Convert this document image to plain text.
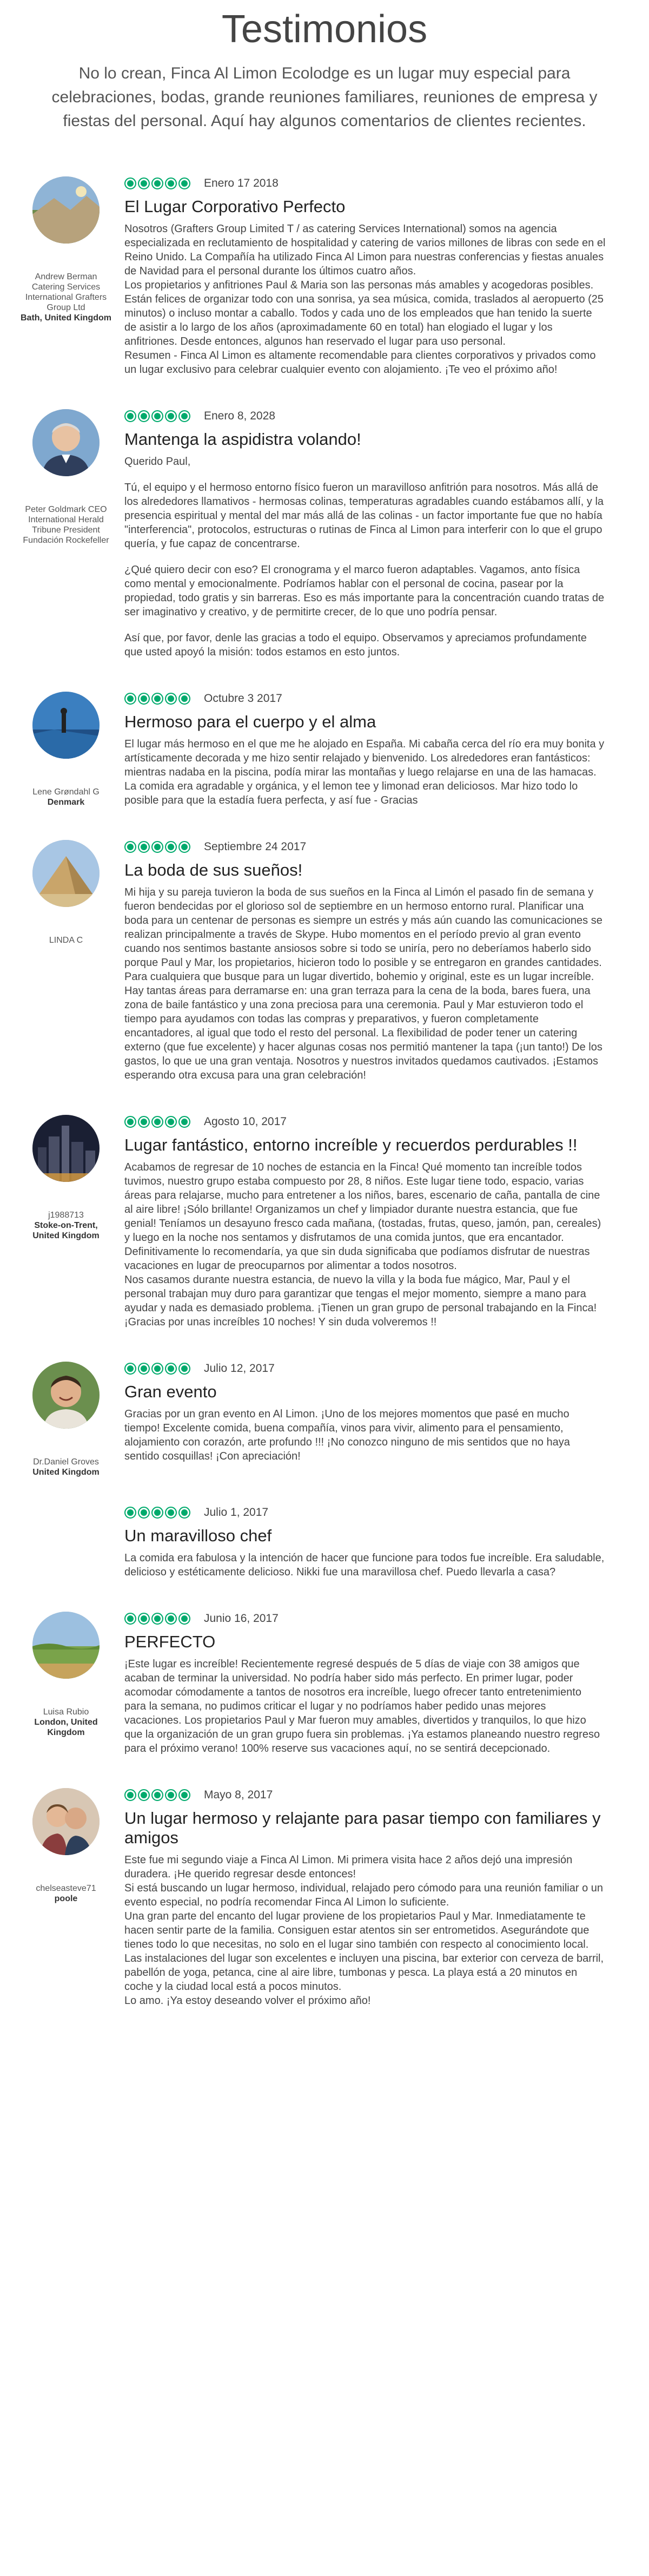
Testimonios

No lo crean, Finca Al Limon Ecolodge es un lugar muy especial para celebraciones, bodas, grande reuniones familiares, reuniones de empresa y fiestas del personal. Aquí hay algunos comentarios de clientes recientes.

Andrew Berman Catering Services International Grafters Group Ltd
Bath, United Kingdom
Enero 17 2018
El Lugar Corporativo Perfecto

Nosotros (Grafters Group Limited T / as catering Services International) somos na agencia especializada en reclutamiento de hospitalidad y catering de varios millones de libras con sede en el Reino Unido. La Compañía ha utilizado Finca Al Limon para nuestras conferencias y fiestas anuales de Navidad para el personal durante los últimos cuatro años.

Los propietarios y anfitriones Paul & Maria son las personas más amables y acogedoras posibles. Están felices de organizar todo con una sonrisa, ya sea música, comida, traslados al aeropuerto (25 minutos) o incluso montar a caballo. Todos y cada uno de los empleados que han tenido la suerte de asistir a lo largo de los años (aproximadamente 60 en total) han elogiado el lugar y los anfitriones. Desde entonces, algunos han reservado el lugar para uso personal.

Resumen - Finca Al Limon es altamente recomendable para clientes corporativos y privados como un lugar exclusivo para celebrar cualquier evento con alojamiento. ¡Te veo el próximo año!

Peter Goldmark CEO International Herald Tribune President Fundación Rockefeller
Enero 8, 2028
Mantenga la aspidistra volando!

Querido Paul,

Tú, el equipo y el hermoso entorno físico fueron un maravilloso anfitrión para nosotros. Más allá de los alrededores llamativos - hermosas colinas, temperaturas agradables cuando estábamos allí, y la presencia espiritual y mental del mar más allá de las colinas - un factor importante fue que no había "interferencia", protocolos, estructuras o rutinas de Finca al Limon para interferir con lo que el grupo quería, y fue capaz de concentrarse.

¿Qué quiero decir con eso? El cronograma y el marco fueron adaptables. Vagamos, anto física como mental y emocionalmente. Podríamos hablar con el personal de cocina, pasear por la propiedad, todo gratis y sin barreras. Eso es más importante para la concentración cuando tratas de ser imaginativo y creativo, y de permitirte crecer, de lo que uno podría pensar.

Así que, por favor, denle las gracias a todo el equipo. Observamos y apreciamos profundamente que usted apoyó la misión: todos estamos en esto juntos.

Lene Grøndahl G
Denmark
Octubre 3 2017
Hermoso para el cuerpo y el alma

El lugar más hermoso en el que me he alojado en España. Mi cabaña cerca del río era muy bonita y artísticamente decorada y me hizo sentir relajado y bienvenido. Los alrededores eran fantásticos: mientras nadaba en la piscina, podía mirar las montañas y luego relajarse en una de las hamacas. La comida era agradable y orgánica, y el lemon tee y limonad eran deliciosos. Mar hizo todo lo posible para que la estadía fuera perfecta, y así fue - Gracias

LINDA C
Septiembre 24 2017
La boda de sus sueños!

Mi hija y su pareja tuvieron la boda de sus sueños en la Finca al Limón el pasado fin de semana y fueron bendecidas por el glorioso sol de septiembre en un hermoso entorno rural. Planificar una boda para un centenar de personas es siempre un estrés y más aún cuando las comunicaciones se realizan principalmente a través de Skype. Hubo momentos en el período previo al gran evento cuando nos sentimos bastante ansiosos sobre si todo se uniría, pero no deberíamos haberlo sido porque Paul y Mar, los propietarios, hicieron todo lo posible y se entregaron en grandes cantidades. Para cualquiera que busque para un lugar divertido, bohemio y original, este es un lugar increíble. Hay tantas áreas para derramarse en: una gran terraza para la cena de la boda, bares fuera, una zona de baile fantástico y una zona preciosa para una ceremonia. Paul y Mar estuvieron todo el tiempo para ayudamos con todas las compras y preparativos, y fueron completamente encantadores, al igual que todo el resto del personal. La flexibilidad de poder tener un catering externo (que fue excelente) y hacer algunas cosas nos permitió mantener la tapa (¡un tanto!) De los gastos, lo que ue una gran ventaja. Nosotros y nuestros invitados quedamos cautivados. ¡Estamos esperando otra excusa para una gran celebración!

j1988713
Stoke-on-Trent, United Kingdom
Agosto 10, 2017
Lugar fantástico, entorno increíble y recuerdos perdurables !!

Acabamos de regresar de 10 noches de estancia en la Finca! Qué momento tan increíble todos tuvimos, nuestro grupo estaba compuesto por 28, 8 niños. Este lugar tiene todo, espacio, varias áreas para relajarse, mucho para entretener a los niños, bares, escenario de caña, pantalla de cine al aire libre! ¡Sólo brillante! Organizamos un chef y limpiador durante nuestra estancia, que fue genial! Teníamos un desayuno fresco cada mañana, (tostadas, frutas, queso, jamón, pan, cereales) y luego en la noche nos sentamos y disfrutamos de una comida juntos, que era encantador. Definitivamente lo recomendaría, ya que sin duda significaba que podíamos disfrutar de nuestras vacaciones en lugar de preocuparnos por alimentar a todos nosotros.

Nos casamos durante nuestra estancia, de nuevo la villa y la boda fue mágico, Mar, Paul y el personal trabajan muy duro para garantizar que tengas el mejor momento, siempre a mano para ayudar y nada es demasiado problema. ¡Tienen un gran grupo de personal trabajando en la Finca!

¡Gracias por unas increíbles 10 noches! Y sin duda volveremos !!

Dr.Daniel Groves
United Kingdom
Julio 12, 2017
Gran evento

Gracias por un gran evento en Al Limon. ¡Uno de los mejores momentos que pasé en mucho tiempo! Excelente comida, buena compañía, vinos para vivir, alimento para el pensamiento, alojamiento con corazón, arte profundo !!! ¡No conozco ninguno de mis sentidos que no haya sentido cosquillas! ¡Con apreciación!

Julio 1, 2017
Un maravilloso chef

La comida era fabulosa y la intención de hacer que funcione para todos fue increíble. Era saludable, delicioso y estéticamente delicioso. Nikki fue una maravillosa chef. Puedo llevarla a casa?

Luisa Rubio
London, United Kingdom
Junio 16, 2017
PERFECTO

¡Este lugar es increíble! Recientemente regresé después de 5 días de viaje con 38 amigos que acaban de terminar la universidad. No podría haber sido más perfecto. En primer lugar, poder acomodar cómodamente a tantos de nosotros era increíble, luego ofrecer tanto entretenimiento para la semana, no pudimos criticar el lugar y no podríamos haber pedido unas mejores vacaciones. Los propietarios Paul y Mar fueron muy amables, divertidos y tranquilos, lo que hizo que la organización de un gran grupo fuera sin problemas. ¡Ya estamos planeando nuestro regreso para el próximo verano! 100% reserve sus vacaciones aquí, no se sentirá decepcionado.

chelseasteve71
poole
Mayo 8, 2017
Un lugar hermoso y relajante para pasar tiempo con familiares y amigos

Este fue mi segundo viaje a Finca Al Limon. Mi primera visita hace 2 años dejó una impresión duradera. ¡He querido regresar desde entonces!

Si está buscando un lugar hermoso, individual, relajado pero cómodo para una reunión familiar o un evento especial, no podría recomendar Finca Al Limon lo suficiente.

Una gran parte del encanto del lugar proviene de los propietarios Paul y Mar. Inmediatamente te hacen sentir parte de la familia. Consiguen estar atentos sin ser entrometidos. Asegurándote que tienes todo lo que necesitas, no solo en el lugar sino también con respecto al conocimiento local.

Las instalaciones del lugar son excelentes e incluyen una piscina, bar exterior con cerveza de barril, pabellón de yoga, petanca, cine al aire libre, tumbonas y pesca. La playa está a 20 minutos en coche y la ciudad local está a pocos minutos.

Lo amo. ¡Ya estoy deseando volver el próximo año!
